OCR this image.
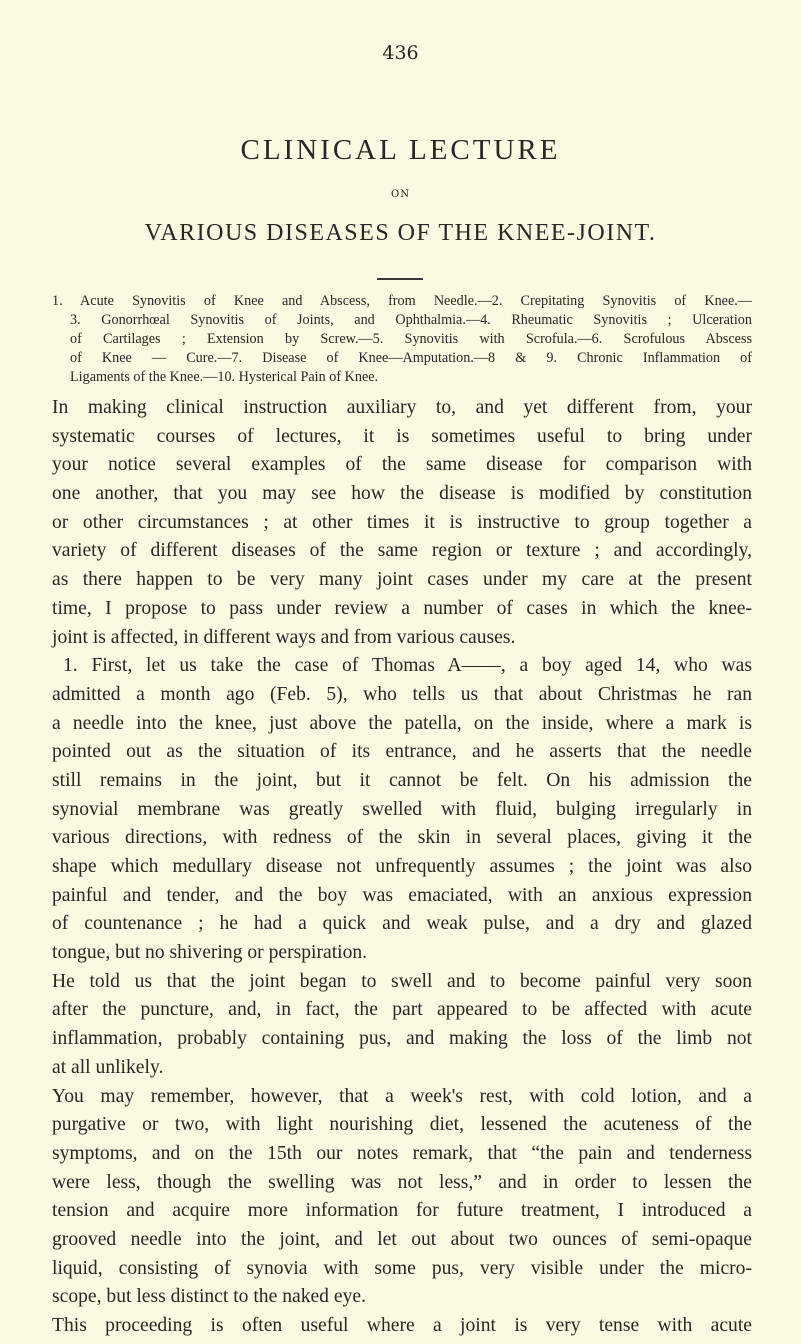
436
CLINICAL LECTURE
ON
VARIOUS DISEASES OF THE KNEE-JOINT.
1. Acute Synovitis of Knee and Abscess, from Needle.—2. Crepitating Synovitis of Knee.—
3. Gonorrhœal Synovitis of Joints, and Ophthalmia.—4. Rheumatic Synovitis ; Ulceration
of Cartilages ; Extension by Screw.—5. Synovitis with Scrofula.—6. Scrofulous Abscess
of Knee — Cure.—7. Disease of Knee—Amputation.—8 & 9. Chronic Inflammation of
Ligaments of the Knee.—10. Hysterical Pain of Knee.
In making clinical instruction auxiliary to, and yet different from, your
systematic courses of lectures, it is sometimes useful to bring under
your notice several examples of the same disease for comparison with
one another, that you may see how the disease is modified by constitution
or other circumstances ; at other times it is instructive to group together a
variety of different diseases of the same region or texture ; and accordingly,
as there happen to be very many joint cases under my care at the present
time, I propose to pass under review a number of cases in which the knee-
joint is affected, in different ways and from various causes.
1. First, let us take the case of Thomas A——, a boy aged 14, who was
admitted a month ago (Feb. 5), who tells us that about Christmas he ran
a needle into the knee, just above the patella, on the inside, where a mark is
pointed out as the situation of its entrance, and he asserts that the needle
still remains in the joint, but it cannot be felt. On his admission the
synovial membrane was greatly swelled with fluid, bulging irregularly in
various directions, with redness of the skin in several places, giving it the
shape which medullary disease not unfrequently assumes ; the joint was also
painful and tender, and the boy was emaciated, with an anxious expression
of countenance ; he had a quick and weak pulse, and a dry and glazed
tongue, but no shivering or perspiration.
He told us that the joint began to swell and to become painful very soon
after the puncture, and, in fact, the part appeared to be affected with acute
inflammation, probably containing pus, and making the loss of the limb not
at all unlikely.
You may remember, however, that a week's rest, with cold lotion, and a
purgative or two, with light nourishing diet, lessened the acuteness of the
symptoms, and on the 15th our notes remark, that “the pain and tenderness
were less, though the swelling was not less,” and in order to lessen the
tension and acquire more information for future treatment, I introduced a
grooved needle into the joint, and let out about two ounces of semi-opaque
liquid, consisting of synovia with some pus, very visible under the micro-
scope, but less distinct to the naked eye.
This proceeding is often useful where a joint is very tense with acute
